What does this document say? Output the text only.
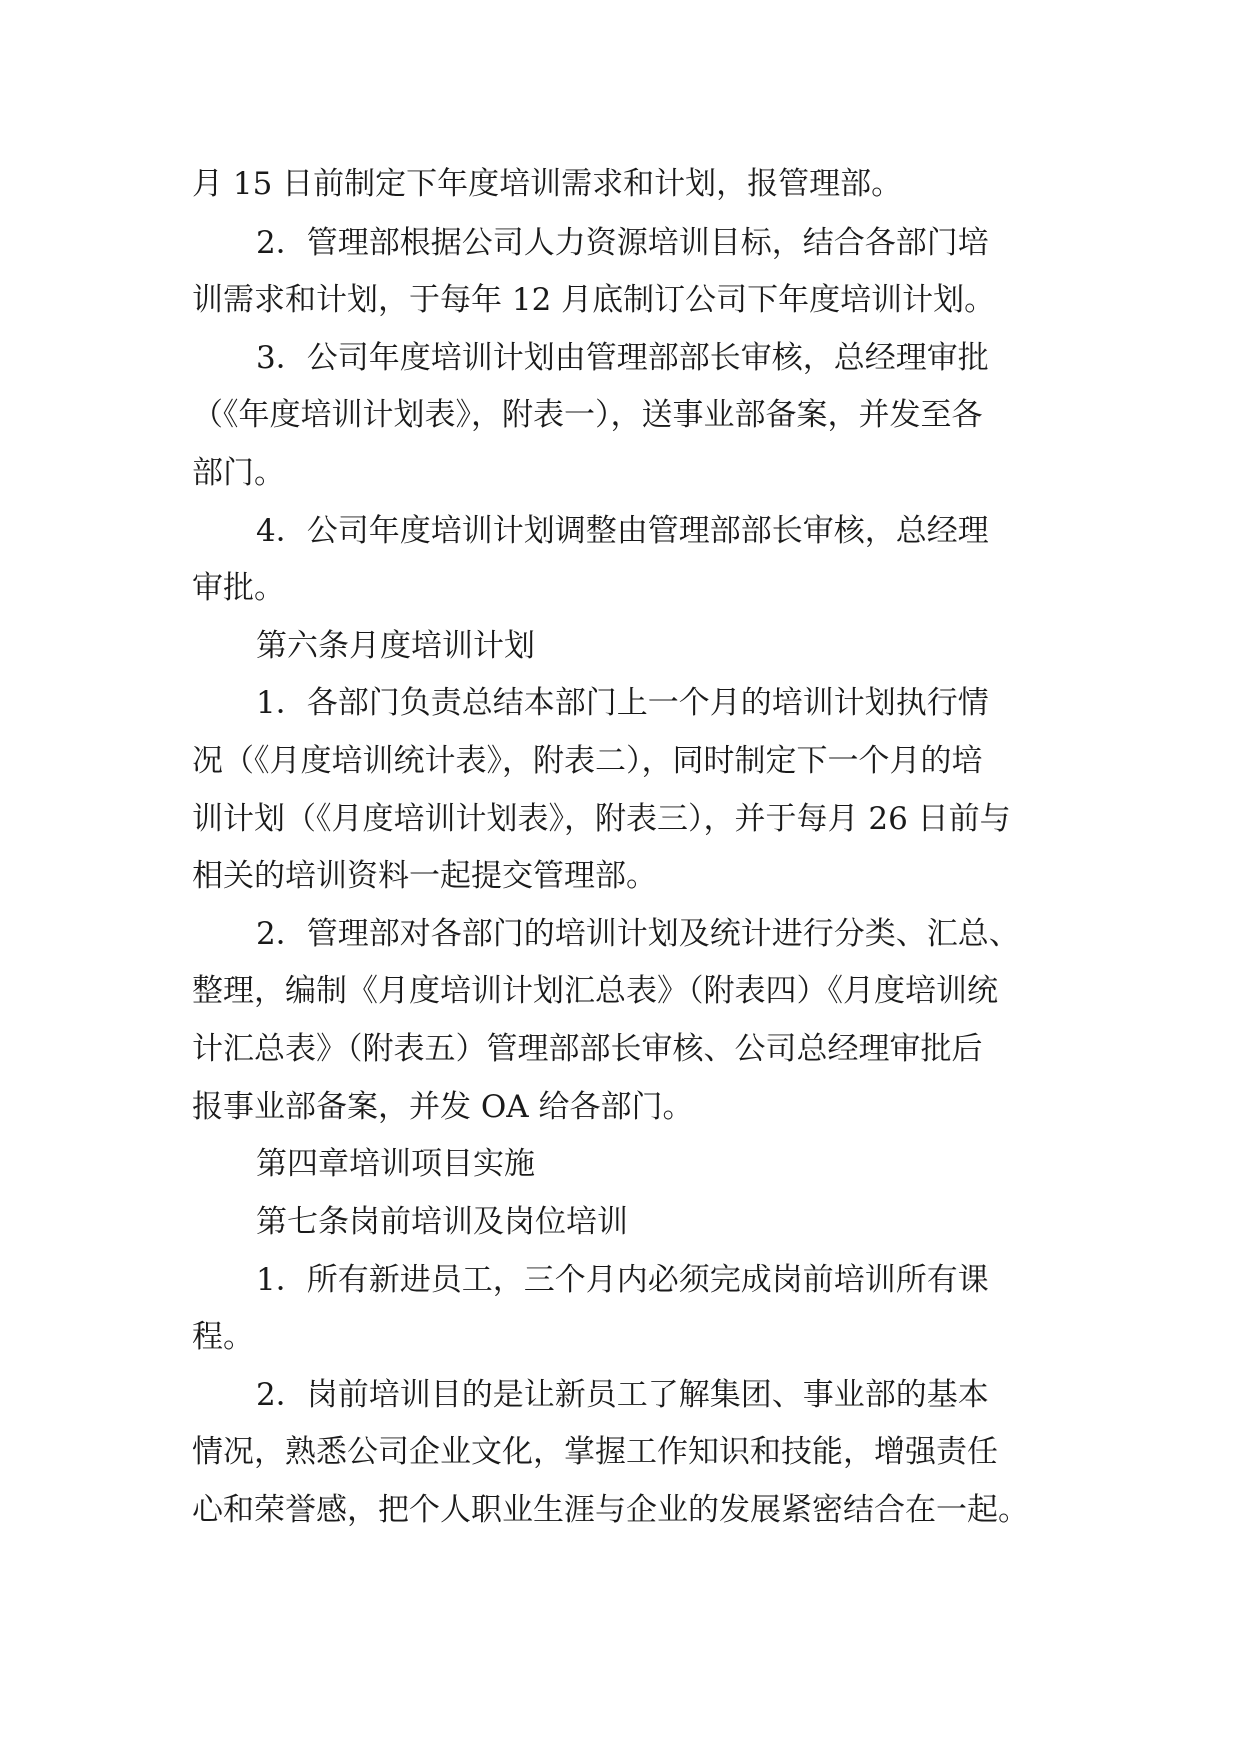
月 15 日前制定下年度培训需求和计划，报管理部。
2．管理部根据公司人力资源培训目标，结合各部门培
训需求和计划，于每年 12 月底制订公司下年度培训计划。
3．公司年度培训计划由管理部部长审核，总经理审批
（《年度培训计划表》，附表一），送事业部备案，并发至各
部门。
4．公司年度培训计划调整由管理部部长审核，总经理
审批。
第六条月度培训计划
1．各部门负责总结本部门上一个月的培训计划执行情
况（《月度培训统计表》，附表二），同时制定下一个月的培
训计划（《月度培训计划表》，附表三），并于每月 26 日前与
相关的培训资料一起提交管理部。
2．管理部对各部门的培训计划及统计进行分类、汇总、
整理，编制《月度培训计划汇总表》（附表四）《月度培训统
计汇总表》（附表五）管理部部长审核、公司总经理审批后
报事业部备案，并发 OA 给各部门。
第四章培训项目实施
第七条岗前培训及岗位培训
1．所有新进员工，三个月内必须完成岗前培训所有课
程。
2．岗前培训目的是让新员工了解集团、事业部的基本
情况，熟悉公司企业文化，掌握工作知识和技能，增强责任
心和荣誉感，把个人职业生涯与企业的发展紧密结合在一起。
